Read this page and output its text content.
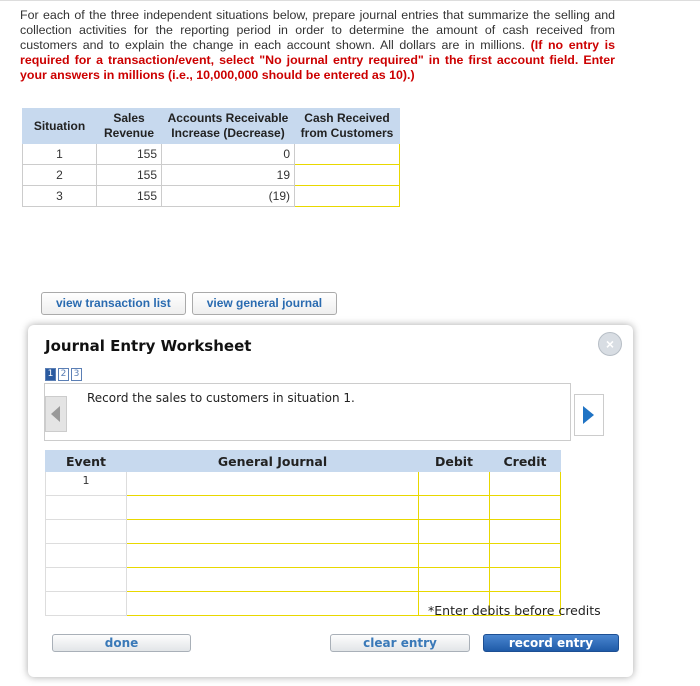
For each of the three independent situations below, prepare journal entries that summarize the selling and collection activities for the reporting period in order to determine the amount of cash received from customers and to explain the change in each account shown. All dollars are in millions. (If no entry is required for a transaction/event, select "No journal entry required" in the first account field. Enter your answers in millions (i.e., 10,000,000 should be entered as 10).)
Situation	Sales Revenue	Accounts Receivable Increase (Decrease)	Cash Received from Customers
1	155	0	
2	155	19	
3	155	(19)	
view transaction list	view general journal
Journal Entry Worksheet	×
1 2 3
Record the sales to customers in situation 1.
Event	General Journal	Debit	Credit
1			

*Enter debits before credits
done	clear entry	record entry
